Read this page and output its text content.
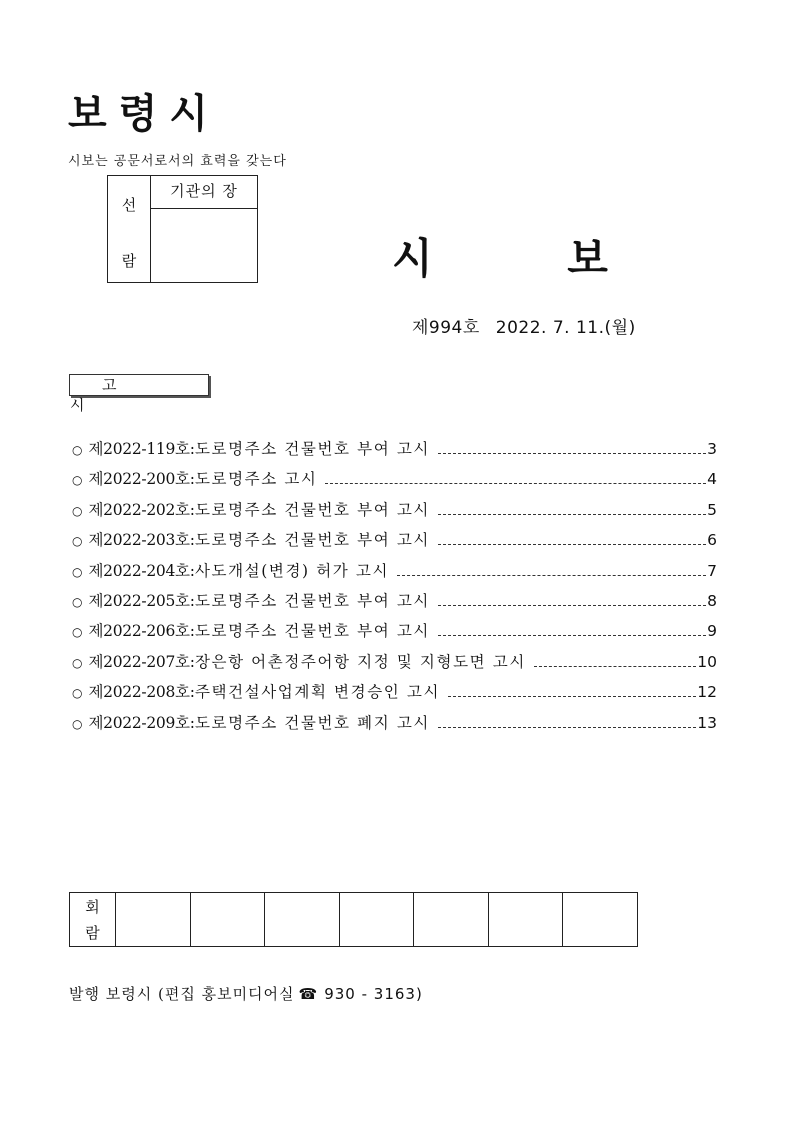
보령시
시보는 공문서로서의 효력을 갖는다
선
람
기관의 장
시 보
제994호 2022. 7. 11.(월)
고 시
○ 제2022-119호 : 도로명주소 건물번호 부여 고시	3
○ 제2022-200호 : 도로명주소 고시	4
○ 제2022-202호 : 도로명주소 건물번호 부여 고시	5
○ 제2022-203호 : 도로명주소 건물번호 부여 고시	6
○ 제2022-204호 : 사도개설(변경) 허가 고시	7
○ 제2022-205호 : 도로명주소 건물번호 부여 고시	8
○ 제2022-206호 : 도로명주소 건물번호 부여 고시	9
○ 제2022-207호 : 장은항 어촌정주어항 지정 및 지형도면 고시	10
○ 제2022-208호 : 주택건설사업계획 변경승인 고시	12
○ 제2022-209호 : 도로명주소 건물번호 폐지 고시	13
회
람
발행 보령시 (편집 홍보미디어실 ☎ 930 - 3163)
